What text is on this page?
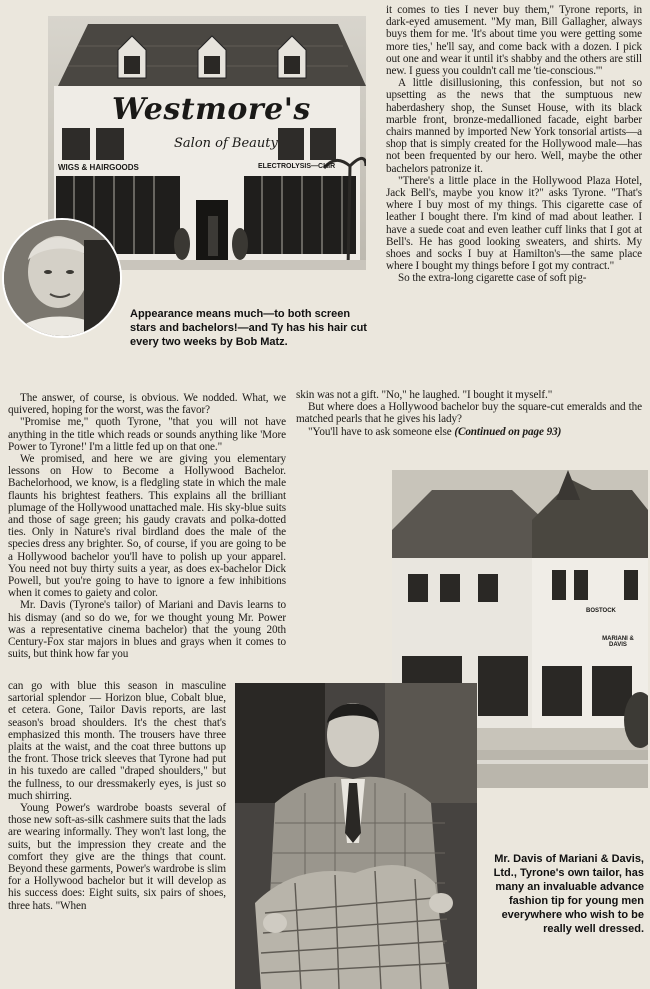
Westmore's
Salon of Beauty
WIGS & HAIRGOODS	ELECTROLYSIS—CHIR
Appearance means much—to both screen stars and bachelors!—and Ty has his hair cut every two weeks by Bob Matz.

it comes to ties I never buy them," Tyrone reports, in dark-eyed amusement. "My man, Bill Gallagher, always buys them for me. 'It's about time you were getting some more ties,' he'll say, and come back with a dozen. I pick out one and wear it until it's shabby and the others are still new. I guess you couldn't call me 'tie-conscious.'"

A little disillusioning, this confession, but not so upsetting as the news that the sumptuous new haberdashery shop, the Sunset House, with its black marble front, bronze-medallioned facade, eight barber chairs manned by imported New York tonsorial artists—a shop that is simply created for the Hollywood male—has not been frequented by our hero. Well, maybe the other bachelors patronize it.

"There's a little place in the Hollywood Plaza Hotel, Jack Bell's, maybe you know it?" asks Tyrone. "That's where I buy most of my things. This cigarette case of leather I bought there. I'm kind of mad about leather. I have a suede coat and even leather cuff links that I got at Bell's. He has good looking sweaters, and shirts. My shoes and socks I buy at Hamilton's—the same place where I bought my things before I got my contract."

So the extra-long cigarette case of soft pig-

skin was not a gift. "No," he laughed. "I bought it myself."

But where does a Hollywood bachelor buy the square-cut emeralds and the matched pearls that he gives his lady?

"You'll have to ask someone else (Continued on page 93)

The answer, of course, is obvious. We nodded. What, we quivered, hoping for the worst, was the favor?

"Promise me," quoth Tyrone, "that you will not have anything in the title which reads or sounds anything like 'More Power to Tyrone!' I'm a little fed up on that one."

We promised, and here we are giving you elementary lessons on How to Become a Hollywood Bachelor. Bachelorhood, we know, is a fledgling state in which the male flaunts his brightest feathers. This explains all the brilliant plumage of the Hollywood unattached male. His sky-blue suits and those of sage green; his gaudy cravats and polka-dotted ties. Only in Nature's rival birdland does the male of the species dress any brighter. So, of course, if you are going to be a Hollywood bachelor you'll have to polish up your apparel. You need not buy thirty suits a year, as does ex-bachelor Dick Powell, but you're going to have to ignore a few inhibitions when it comes to gaiety and color.

Mr. Davis (Tyrone's tailor) of Mariani and Davis learns to his dismay (and so do we, for we thought young Mr. Power was a representative cinema bachelor) that the young 20th Century-Fox star majors in blues and grays when it comes to suits, but think how far you

can go with blue this season in masculine sartorial splendor — Horizon blue, Cobalt blue, et cetera. Gone, Tailor Davis reports, are last season's broad shoulders. It's the chest that's emphasized this month. The trousers have three plaits at the waist, and the coat three buttons up the front. Those trick sleeves that Tyrone had put in his tuxedo are called "draped shoulders," but the fullness, to our dressmakerly eyes, is just so much shirring.

Young Power's wardrobe boasts several of those new soft-as-silk cashmere suits that the lads are wearing informally. They won't last long, the suits, but the impression they create and the comfort they give are the things that count. Beyond these garments, Power's wardrobe is slim for a Hollywood bachelor but it will develop as his success does: Eight suits, six pairs of shoes, three hats. "When

BOSTOCK
MARIANI & DAVIS
Mr. Davis of Mariani & Davis, Ltd., Tyrone's own tailor, has many an invaluable advance fashion tip for young men everywhere who wish to be really well dressed.
